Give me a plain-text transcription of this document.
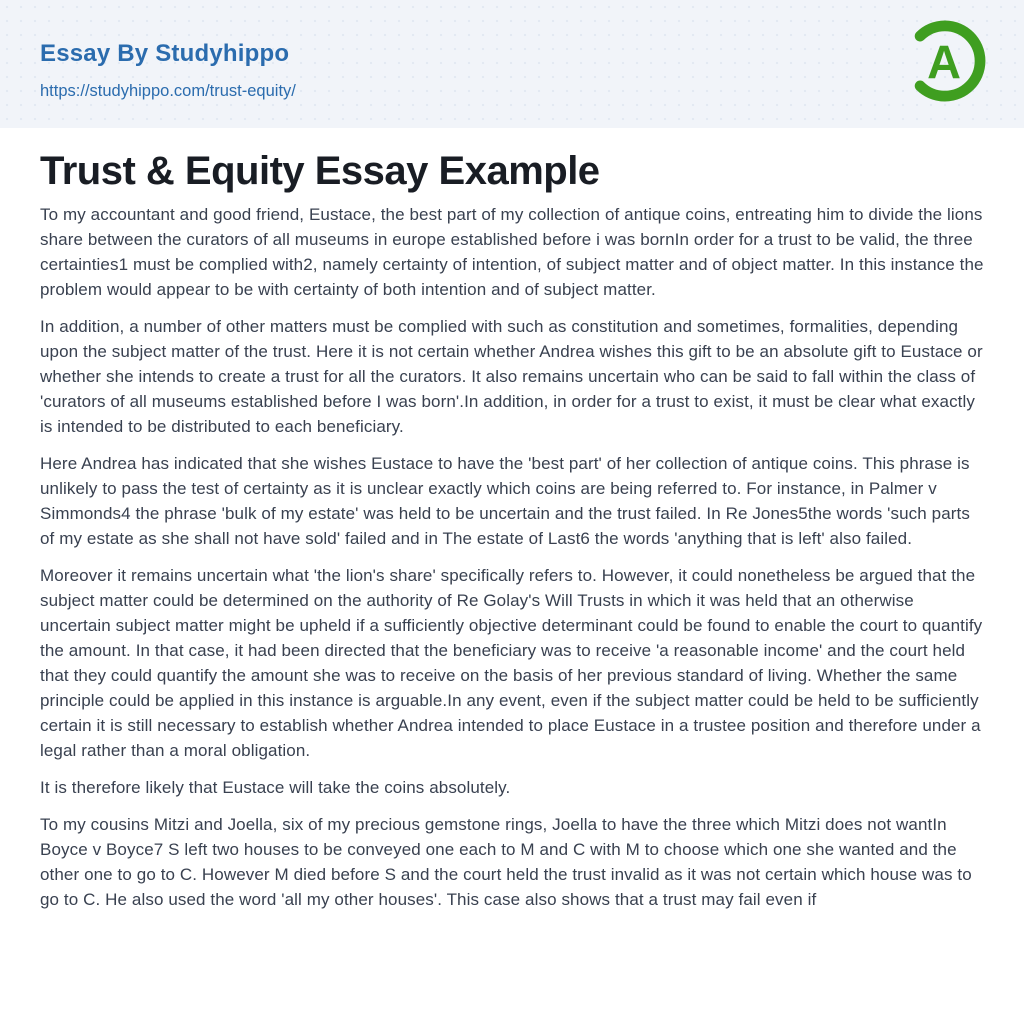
Essay By Studyhippo
https://studyhippo.com/trust-equity/
A
Trust & Equity Essay Example

To my accountant and good friend, Eustace, the best part of my collection of antique coins, entreating him to divide the lions share between the curators of all museums in europe established before i was bornIn order for a trust to be valid, the three certainties1 must be complied with2, namely certainty of intention, of subject matter and of object matter. In this instance the problem would appear to be with certainty of both intention and of subject matter.

In addition, a number of other matters must be complied with such as constitution and sometimes, formalities, depending upon the subject matter of the trust. Here it is not certain whether Andrea wishes this gift to be an absolute gift to Eustace or whether she intends to create a trust for all the curators. It also remains uncertain who can be said to fall within the class of 'curators of all museums established before I was born'.In addition, in order for a trust to exist, it must be clear what exactly is intended to be distributed to each beneficiary.

Here Andrea has indicated that she wishes Eustace to have the 'best part' of her collection of antique coins. This phrase is unlikely to pass the test of certainty as it is unclear exactly which coins are being referred to. For instance, in Palmer v Simmonds4 the phrase 'bulk of my estate' was held to be uncertain and the trust failed. In Re Jones5the words 'such parts of my estate as she shall not have sold' failed and in The estate of Last6 the words 'anything that is left' also failed.

Moreover it remains uncertain what 'the lion's share' specifically refers to. However, it could nonetheless be argued that the subject matter could be determined on the authority of Re Golay's Will Trusts in which it was held that an otherwise uncertain subject matter might be upheld if a sufficiently objective determinant could be found to enable the court to quantify the amount. In that case, it had been directed that the beneficiary was to receive 'a reasonable income' and the court held that they could quantify the amount she was to receive on the basis of her previous standard of living. Whether the same principle could be applied in this instance is arguable.In any event, even if the subject matter could be held to be sufficiently certain it is still necessary to establish whether Andrea intended to place Eustace in a trustee position and therefore under a legal rather than a moral obligation.

It is therefore likely that Eustace will take the coins absolutely.

To my cousins Mitzi and Joella, six of my precious gemstone rings, Joella to have the three which Mitzi does not wantIn Boyce v Boyce7 S left two houses to be conveyed one each to M and C with M to choose which one she wanted and the other one to go to C. However M died before S and the court held the trust invalid as it was not certain which house was to go to C. He also used the word 'all my other houses'. This case also shows that a trust may fail even if
